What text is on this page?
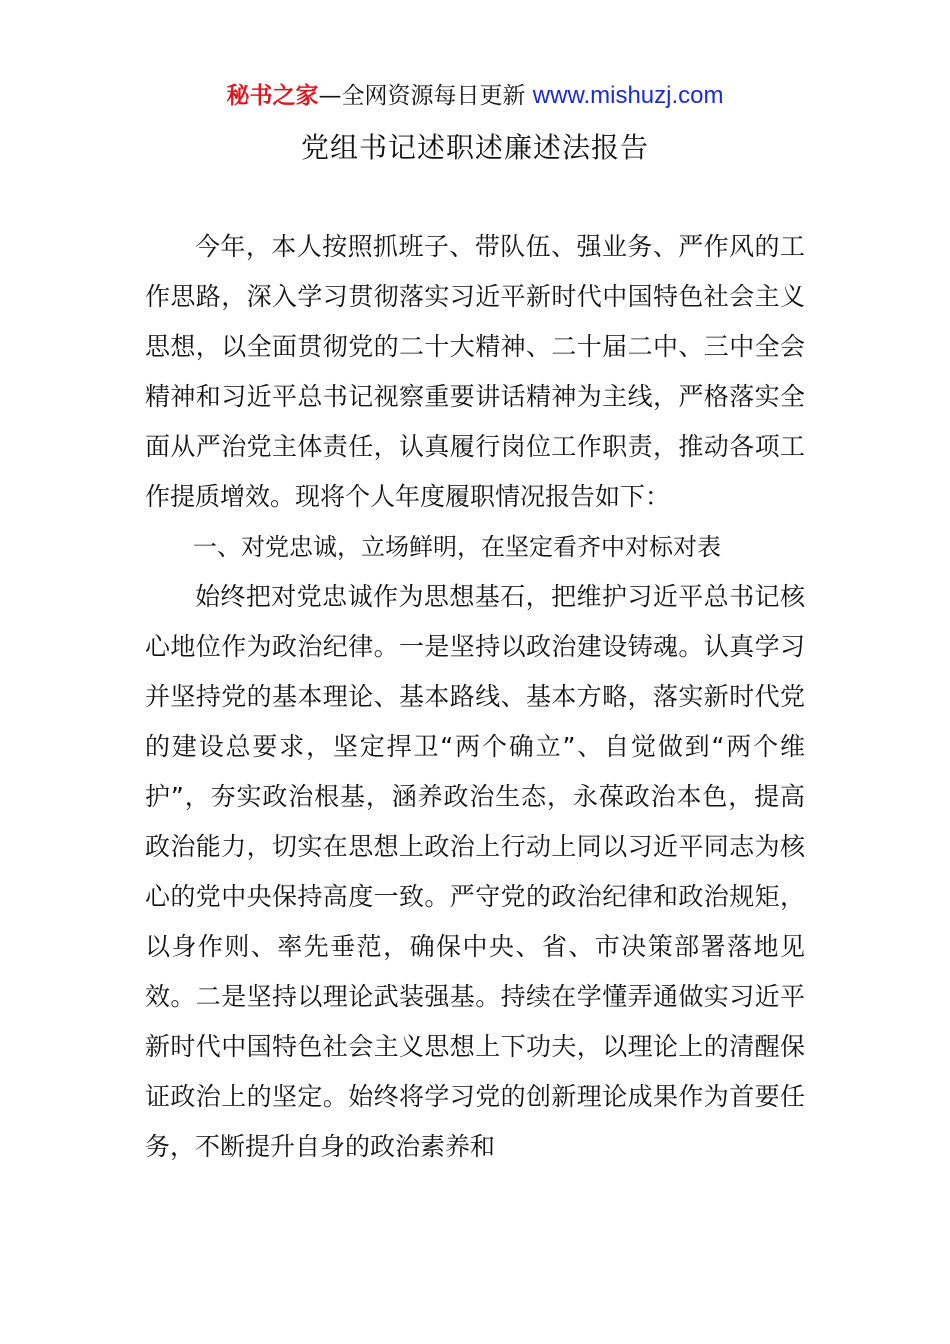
秘书之家—全网资源每日更新 www.mishuzj.com
党组书记述职述廉述法报告

今年，本人按照抓班子、带队伍、强业务、严作风的工作思路，深入学习贯彻落实习近平新时代中国特色社会主义思想，以全面贯彻党的二十大精神、二十届二中、三中全会精神和习近平总书记视察重要讲话精神为主线，严格落实全面从严治党主体责任，认真履行岗位工作职责，推动各项工作提质增效。现将个人年度履职情况报告如下：

一、对党忠诚，立场鲜明，在坚定看齐中对标对表

始终把对党忠诚作为思想基石，把维护习近平总书记核心地位作为政治纪律。一是坚持以政治建设铸魂。认真学习并坚持党的基本理论、基本路线、基本方略，落实新时代党的建设总要求，坚定捍卫“两个确立”、自觉做到“两个维护”，夯实政治根基，涵养政治生态，永葆政治本色，提高政治能力，切实在思想上政治上行动上同以习近平同志为核心的党中央保持高度一致。严守党的政治纪律和政治规矩，以身作则、率先垂范，确保中央、省、市决策部署落地见效。二是坚持以理论武装强基。持续在学懂弄通做实习近平新时代中国特色社会主义思想上下功夫，以理论上的清醒保证政治上的坚定。始终将学习党的创新理论成果作为首要任务，不断提升自身的政治素养和
